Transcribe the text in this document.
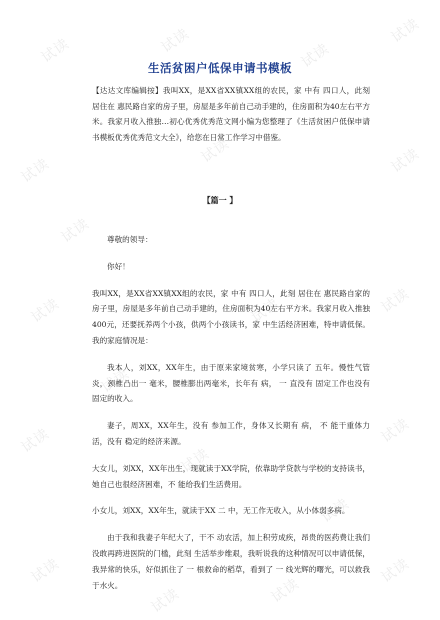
试读	试读	试读
试读
试读	试读
试读	试读
试读	试读
试读
试读	试读
试读
试读
试读
试读
试读
试读
试读
生活贫困户低保申请书模板
【达达文库编辑按】我叫XX，是XX省XX镇XX组的农民，家 中有 四口人，此刻 居住在 惠民路自家的房子里，房屋是多年前自己动手建的，住房面积为40左右平方米。我家月收入推独…初心优秀优秀范文网小编为您整理了《生活贫困户低保申请书模板优秀优秀范文大全》，给您在日常工作学习中借鉴。
【篇一 】

尊敬的领导：

你好！

我叫XX，是XX省XX镇XX组的农民，家 中有 四口人，此刻 居住在 惠民路自家的房子里，房屋是多年前自己动手建的，住房面积为40左右平方米。我家月收入推独400元，还要抚养两个小孩，供两个小孩读书，家 中生活经济困难，特申请低保。我的家庭情况是：

我本人，刘XX，XX年生，由于原来家境贫寒，小学只读了 五年。慢性气管炎，颈椎凸出一 毫米，腰椎膨出两毫米，长年有 病， 一 直没有 固定工作也没有 固定的收入。

妻子，周XX，XX年生，没有 参加工作，身体又长期有 病， 不 能干重体力活，没有 稳定的经济来源。

大女儿，刘XX，XX年出生，现就读于XX学院，依靠助学贷款与学校的支持读书，她自己也很经济困难，不 能给我们生活费用。

小女儿，刘XX，XX年生，就读于XX 二 中，无工作无收入，从小体弱多病。

由于我和我妻子年纪大了，干不 动农活，加上积劳成疾，昂贵的医药费让我们没敢再跨进医院的门槛，此刻 生活举步维艰，我听说我的这种情况可以申请低保，我异常的快乐，好似抓住了 一 根救命的稻草，看到了 一 线光辉的曙光，可以救我于水火。
